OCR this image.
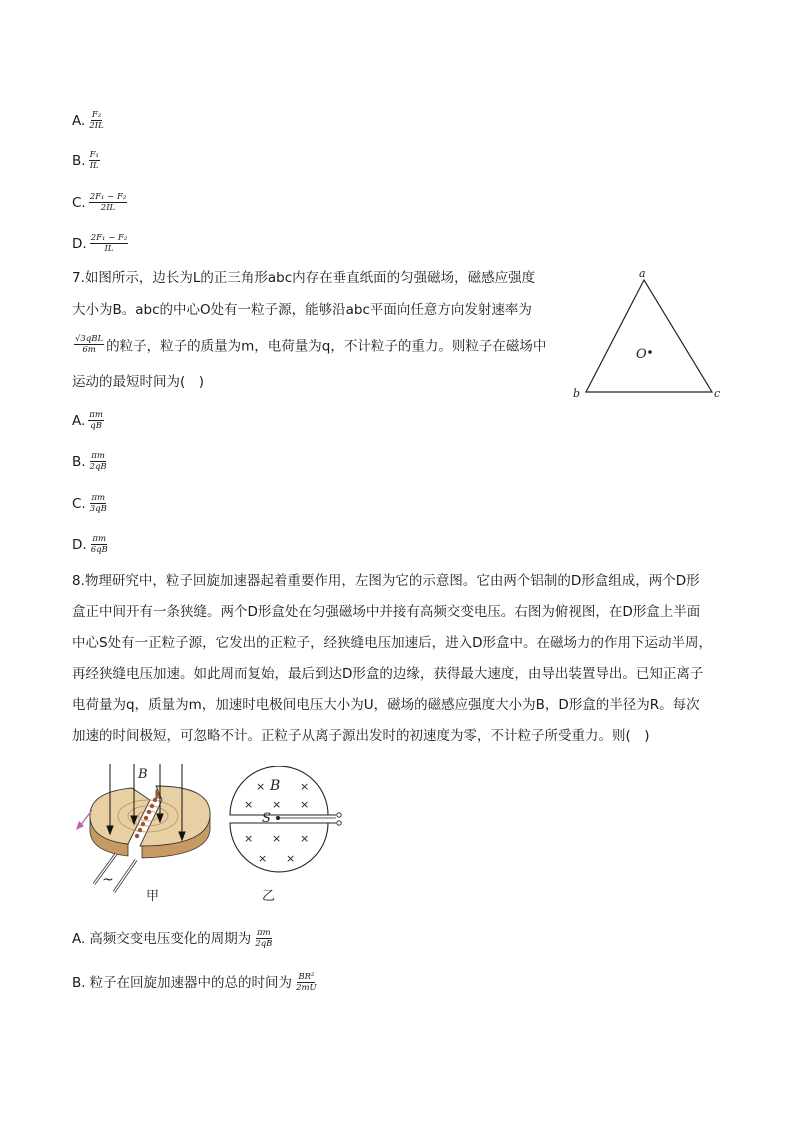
A. $\frac{\text{F₂}}{2IL}$
B. $\frac{\text{F₁}}{IL}$
C. $\frac{\text{2F₁ − F₂}}{2IL}$
D. $\frac{\text{2F₁ − F₂}}{IL}$
7.如图所示，边长为L的正三角形abc内存在垂直纸面的匀强磁场，磁感应强度
大小为B。abc的中心O处有一粒子源，能够沿abc平面向任意方向发射速率为
$\frac{\text{√3qBL}}{6m}$ 的粒子，粒子的质量为m，电荷量为q，不计粒子的重力。则粒子在磁场中
运动的最短时间为(　)
a
b	c
O
A. $\frac{\pi m}{qB}$
B. $\frac{\pi m}{2qB}$
C. $\frac{\pi m}{3qB}$
D. $\frac{\pi m}{6qB}$
8.物理研究中，粒子回旋加速器起着重要作用，左图为它的示意图。它由两个铝制的D形盒组成，两个D形
盒正中间开有一条狭缝。两个D形盒处在匀强磁场中并接有高频交变电压。右图为俯视图，在D形盒上半面
中心S处有一正粒子源，它发出的正粒子，经狭缝电压加速后，进入D形盒中。在磁场力的作用下运动半周，
再经狭缝电压加速。如此周而复始，最后到达D形盒的边缘，获得最大速度，由导出装置导出。已知正离子
电荷量为q，质量为m，加速时电极间电压大小为U，磁场的磁感应强度大小为B，D形盒的半径为R。每次
加速的时间极短，可忽略不计。正粒子从离子源出发时的初速度为零，不计粒子所受重力。则(　)
B
~
甲
S
B
×
× × ×
×
× × ×
× ×
乙
A. 高频交变电压变化的周期为 $\frac{\pi m}{2qB}$
B. 粒子在回旋加速器中的总的时间为 $\frac{\text{BR²}}{2mU}$
